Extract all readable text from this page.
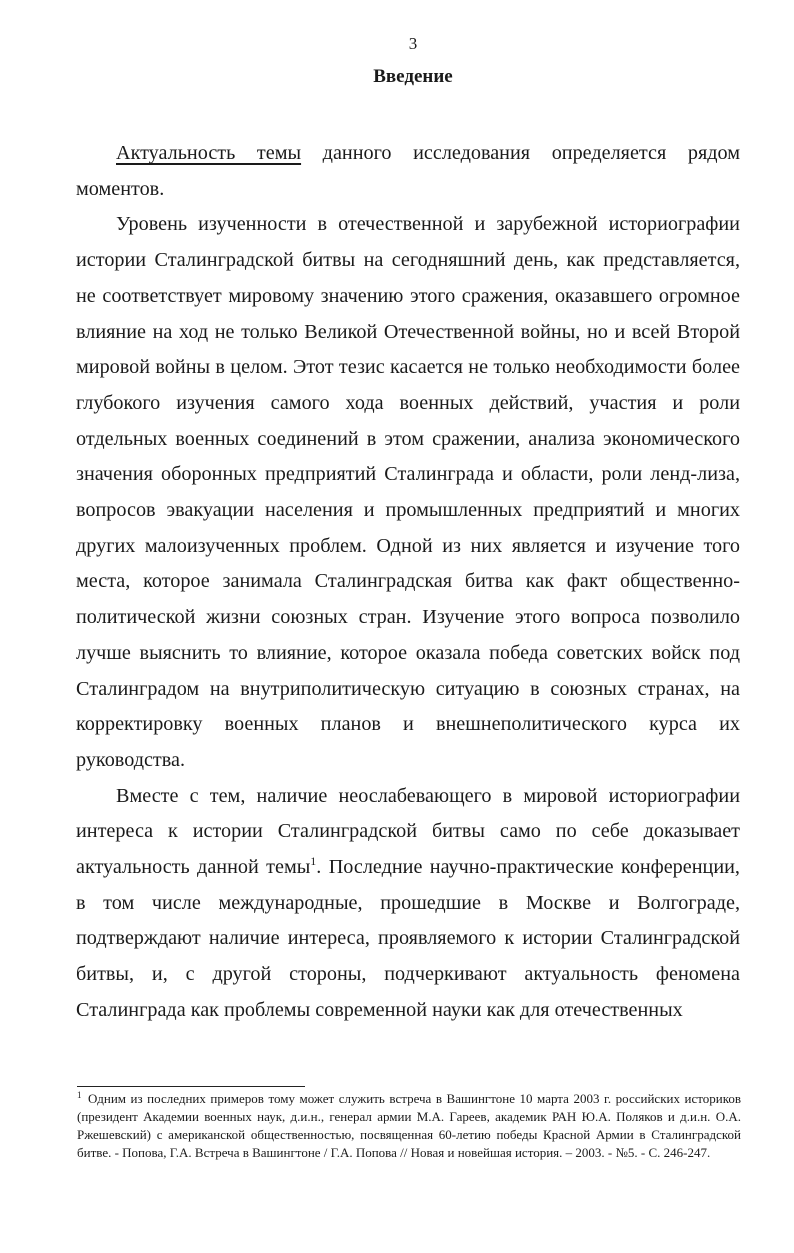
3
Введение

Актуальность темы данного исследования определяется рядом моментов.

Уровень изученности в отечественной и зарубежной историографии истории Сталинградской битвы на сегодняшний день, как представляется, не соответствует мировому значению этого сражения, оказавшего огромное влияние на ход не только Великой Отечественной войны, но и всей Второй мировой войны в целом. Этот тезис касается не только необходимости более глубокого изучения самого хода военных действий, участия и роли отдельных военных соединений в этом сражении, анализа экономического значения оборонных предприятий Сталинграда и области, роли ленд-лиза, вопросов эвакуации населения и промышленных предприятий и многих других малоизученных проблем. Одной из них является и изучение того места, которое занимала Сталинградская битва как факт общественно-политической жизни союзных стран. Изучение этого вопроса позволило лучше выяснить то влияние, которое оказала победа советских войск под Сталинградом на внутриполитическую ситуацию в союзных странах, на корректировку военных планов и внешнеполитического курса их руководства.

Вместе с тем, наличие неослабевающего в мировой историографии интереса к истории Сталинградской битвы само по себе доказывает актуальность данной темы$^1$. Последние научно-практические конференции, в том числе международные, прошедшие в Москве и Волгограде, подтверждают наличие интереса, проявляемого к истории Сталинградской битвы, и, с другой стороны, подчеркивают актуальность феномена Сталинграда как проблемы современной науки как для отечественных

$^1$ Одним из последних примеров тому может служить встреча в Вашингтоне 10 марта 2003 г. российских историков (президент Академии военных наук, д.и.н., генерал армии М.А. Гареев, академик РАН Ю.А. Поляков и д.и.н. О.А. Ржешевский) с американской общественностью, посвященная 60-летию победы Красной Армии в Сталинградской битве. - Попова, Г.А. Встреча в Вашингтоне / Г.А. Попова // Новая и новейшая история. – 2003. - №5. - С. 246-247.
